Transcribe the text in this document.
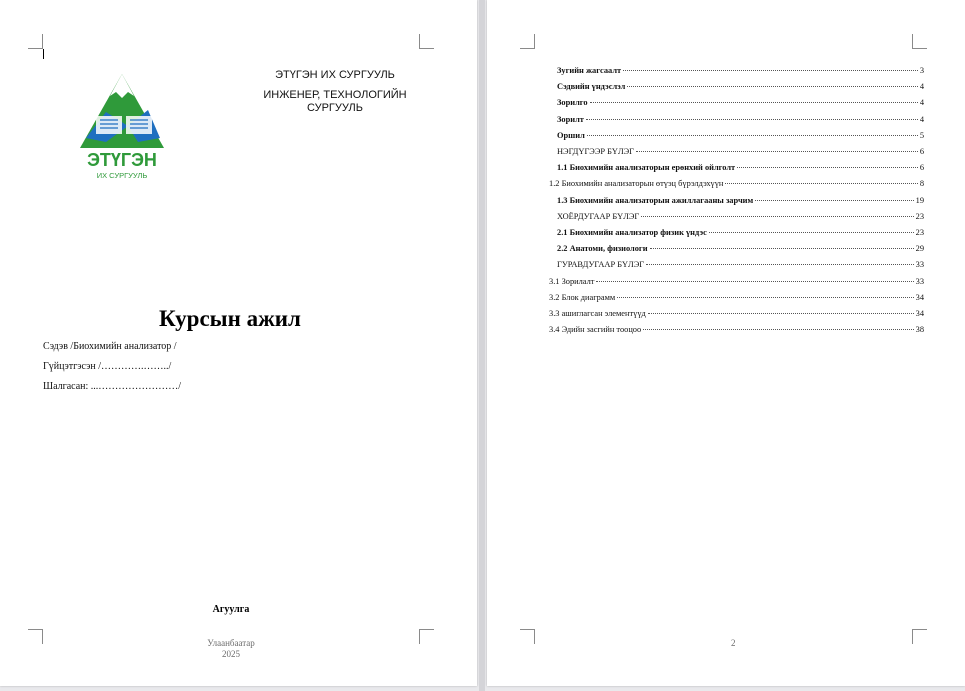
ЭТҮГЭН ИХ СУРГУУЛЬ
ИНЖЕНЕР, ТЕХНОЛОГИЙН
СУРГУУЛЬ
ЭТҮГЭН
ИХ СУРГУУЛЬ
Курсын ажил
Сэдэв /Биохимийн анализатор /
Гүйцэтгэсэн /………….……../
Шалгасан: ...……………………/
Агуулга
Улаанбаатар
2025
Зугийн жагсаалт	3
Сэдвийн үндэслэл	4
Зорилго	4
Зорилт	4
Оршил	5
НЭГДҮГЭЭР БҮЛЭГ	6
1.1 Биохимийн анализаторын ерөнхий ойлголт	6
1.2 Биохимийн анализаторын өтүэц бүрэлдэхүүн	8
1.3 Биохимийн анализаторын ажиллагааны зарчим	19
ХОЁРДУГААР БҮЛЭГ	23
2.1 Биохимийн анализатор физик үндэс	23
2.2 Анатоми, физиологи	29
ГУРАВДУГААР БҮЛЭГ	33
3.1 Зорилалт	33
3.2 Блок диаграмм	34
3.3 ашиглагсан элементүүд	34
3.4 Эдийн засгийн тооцоо	38
2
